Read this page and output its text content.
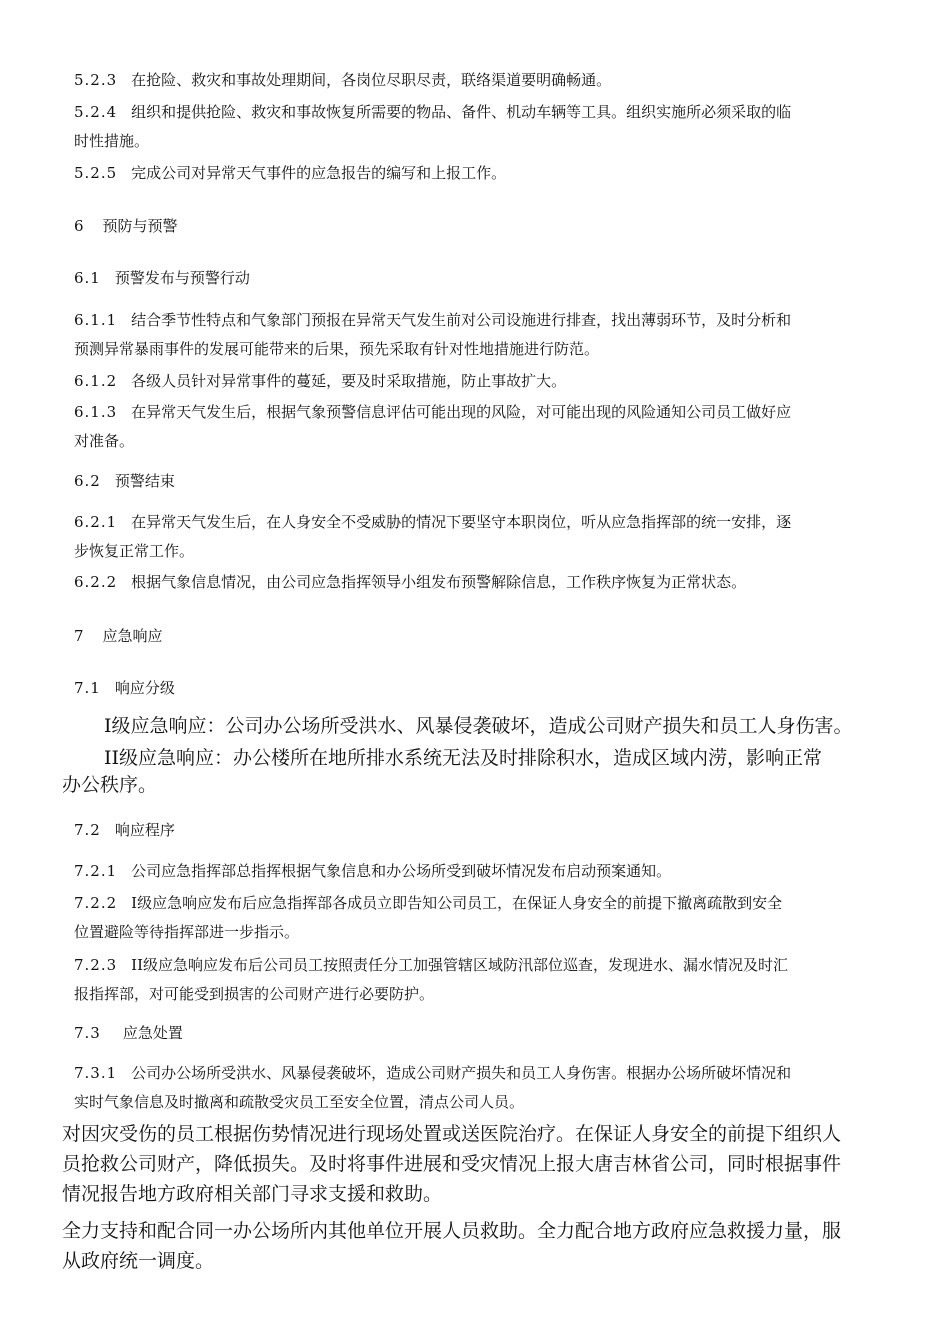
5.2.3 在抢险、救灾和事故处理期间，各岗位尽职尽责，联络渠道要明确畅通。
5.2.4 组织和提供抢险、救灾和事故恢复所需要的物品、备件、机动车辆等工具。组织实施所必须采取的临
时性措施。
5.2.5 完成公司对异常天气事件的应急报告的编写和上报工作。
6 预防与预警
6.1 预警发布与预警行动
6.1.1 结合季节性特点和气象部门预报在异常天气发生前对公司设施进行排查，找出薄弱环节，及时分析和
预测异常暴雨事件的发展可能带来的后果，预先采取有针对性地措施进行防范。
6.1.2 各级人员针对异常事件的蔓延，要及时采取措施，防止事故扩大。
6.1.3 在异常天气发生后，根据气象预警信息评估可能出现的风险，对可能出现的风险通知公司员工做好应
对准备。
6.2 预警结束
6.2.1 在异常天气发生后，在人身安全不受威胁的情况下要坚守本职岗位，听从应急指挥部的统一安排，逐
步恢复正常工作。
6.2.2 根据气象信息情况，由公司应急指挥领导小组发布预警解除信息，工作秩序恢复为正常状态。
7 应急响应
7.1 响应分级
I级应急响应：公司办公场所受洪水、风暴侵袭破坏，造成公司财产损失和员工人身伤害。
II级应急响应：办公楼所在地所排水系统无法及时排除积水，造成区域内涝，影响正常
办公秩序。
7.2 响应程序
7.2.1 公司应急指挥部总指挥根据气象信息和办公场所受到破坏情况发布启动预案通知。
7.2.2 I级应急响应发布后应急指挥部各成员立即告知公司员工，在保证人身安全的前提下撤离疏散到安全
位置避险等待指挥部进一步指示。
7.2.3 II级应急响应发布后公司员工按照责任分工加强管辖区域防汛部位巡查，发现进水、漏水情况及时汇
报指挥部，对可能受到损害的公司财产进行必要防护。
7.3 应急处置
7.3.1 公司办公场所受洪水、风暴侵袭破坏，造成公司财产损失和员工人身伤害。根据办公场所破坏情况和
实时气象信息及时撤离和疏散受灾员工至安全位置，清点公司人员。
对因灾受伤的员工根据伤势情况进行现场处置或送医院治疗。在保证人身安全的前提下组织人
员抢救公司财产，降低损失。及时将事件进展和受灾情况上报大唐吉林省公司，同时根据事件
情况报告地方政府相关部门寻求支援和救助。
全力支持和配合同一办公场所内其他单位开展人员救助。全力配合地方政府应急救援力量，服
从政府统一调度。
